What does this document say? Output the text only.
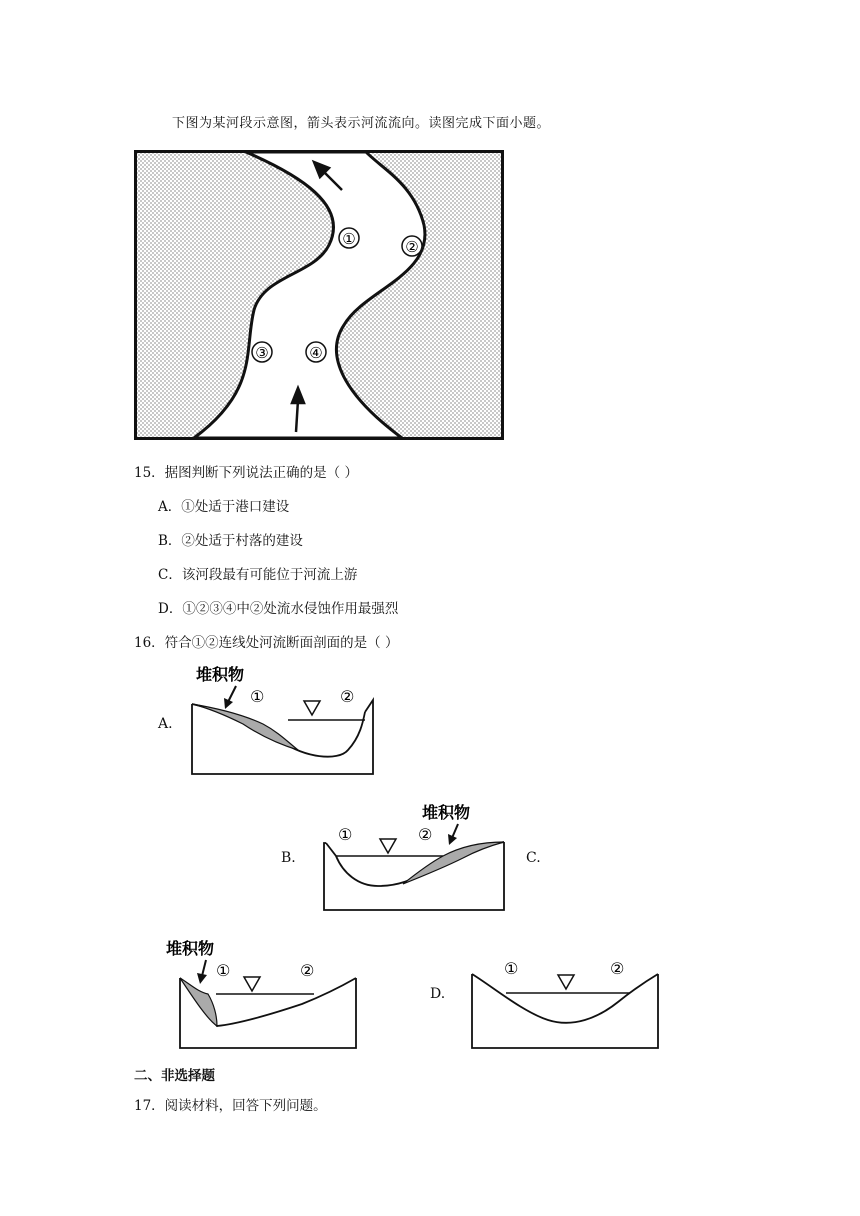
下图为某河段示意图，箭头表示河流流向。读图完成下面小题。
①	②
③	④
15．据图判断下列说法正确的是（ ）
A．①处适于港口建设
B．②处适于村落的建设
C．该河段最有可能位于河流上游
D．①②③④中②处流水侵蚀作用最强烈
16．符合①②连线处河流断面剖面的是（ ）
A.
堆积物
①	②
B.
堆积物
①	②
C.
堆积物
①	②
D.
①	②
二、非选择题
17．阅读材料，回答下列问题。
